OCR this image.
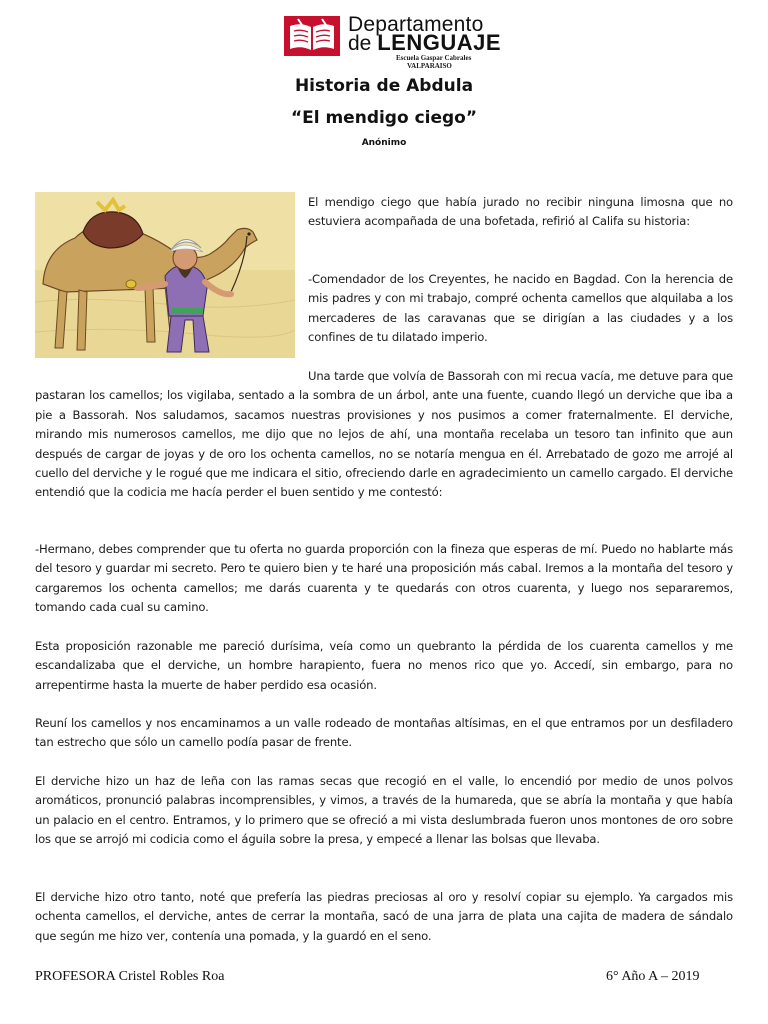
Departamento
de LENGUAJE
Escuela Gaspar Cabrales
VALPARAISO
Historia de Abdula
“El mendigo ciego”
Anónimo

El mendigo ciego que había jurado no recibir ninguna limosna que no estuviera acompañada de una bofetada, refirió al Califa su historia:

-Comendador de los Creyentes, he nacido en Bagdad. Con la herencia de mis padres y con mi trabajo, compré ochenta camellos que alquilaba a los mercaderes de las caravanas que se dirigían a las ciudades y a los confines de tu dilatado imperio.

Una tarde que volvía de Bassorah con mi recua vacía, me detuve para que pastaran los camellos; los vigilaba, sentado a la sombra de un árbol, ante una fuente, cuando llegó un derviche que iba a pie a Bassorah. Nos saludamos, sacamos nuestras provisiones y nos pusimos a comer fraternalmente. El derviche, mirando mis numerosos camellos, me dijo que no lejos de ahí, una montaña recelaba un tesoro tan infinito que aun después de cargar de joyas y de oro los ochenta camellos, no se notaría mengua en él. Arrebatado de gozo me arrojé al cuello del derviche y le rogué que me indicara el sitio, ofreciendo darle en agradecimiento un camello cargado. El derviche entendió que la codicia me hacía perder el buen sentido y me contestó:

-Hermano, debes comprender que tu oferta no guarda proporción con la fineza que esperas de mí. Puedo no hablarte más del tesoro y guardar mi secreto. Pero te quiero bien y te haré una proposición más cabal. Iremos a la montaña del tesoro y cargaremos los ochenta camellos; me darás cuarenta y te quedarás con otros cuarenta, y luego nos separaremos, tomando cada cual su camino.

Esta proposición razonable me pareció durísima, veía como un quebranto la pérdida de los cuarenta camellos y me escandalizaba que el derviche, un hombre harapiento, fuera no menos rico que yo. Accedí, sin embargo, para no arrepentirme hasta la muerte de haber perdido esa ocasión.

Reuní los camellos y nos encaminamos a un valle rodeado de montañas altísimas, en el que entramos por un desfiladero tan estrecho que sólo un camello podía pasar de frente.

El derviche hizo un haz de leña con las ramas secas que recogió en el valle, lo encendió por medio de unos polvos aromáticos, pronunció palabras incomprensibles, y vimos, a través de la humareda, que se abría la montaña y que había un palacio en el centro. Entramos, y lo primero que se ofreció a mi vista deslumbrada fueron unos montones de oro sobre los que se arrojó mi codicia como el águila sobre la presa, y empecé a llenar las bolsas que llevaba.

El derviche hizo otro tanto, noté que prefería las piedras preciosas al oro y resolví copiar su ejemplo. Ya cargados mis ochenta camellos, el derviche, antes de cerrar la montaña, sacó de una jarra de plata una cajita de madera de sándalo que según me hizo ver, contenía una pomada, y la guardó en el seno.

PROFESORA Cristel Robles Roa	6° Año A – 2019
